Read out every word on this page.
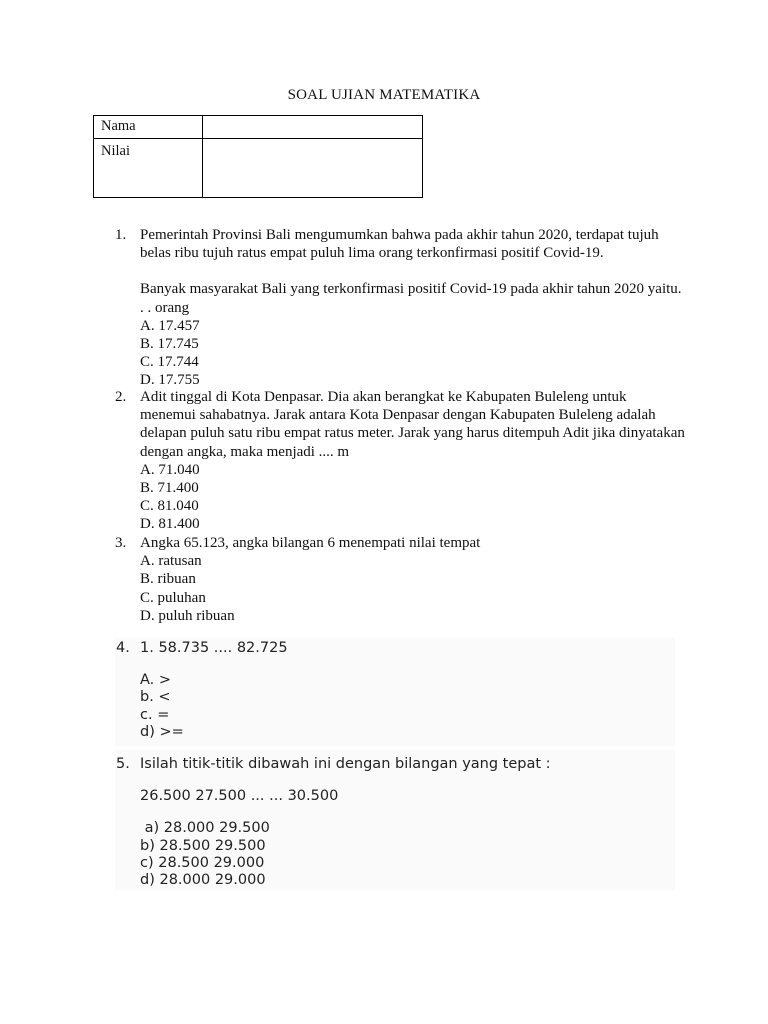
SOAL UJIAN MATEMATIKA
Nama	
Nilai	
1. Pemerintah Provinsi Bali mengumumkan bahwa pada akhir tahun 2020, terdapat tujuh belas ribu tujuh ratus empat puluh lima orang terkonfirmasi positif Covid-19.
Banyak masyarakat Bali yang terkonfirmasi positif Covid-19 pada akhir tahun 2020 yaitu. . . orang
A. 17.457
B. 17.745
C. 17.744
D. 17.755
2. Adit tinggal di Kota Denpasar. Dia akan berangkat ke Kabupaten Buleleng untuk menemui sahabatnya. Jarak antara Kota Denpasar dengan Kabupaten Buleleng adalah delapan puluh satu ribu empat ratus meter. Jarak yang harus ditempuh Adit jika dinyatakan dengan angka, maka menjadi .... m
A. 71.040
B. 71.400
C. 81.040
D. 81.400
3. Angka 65.123, angka bilangan 6 menempati nilai tempat
A. ratusan
B. ribuan
C. puluhan
D. puluh ribuan
4. 1. 58.735 .... 82.725
A. >
b. <
c. =
d) >=
5. Isilah titik-titik dibawah ini dengan bilangan yang tepat :
26.500 27.500 ... ... 30.500
a) 28.000 29.500
b) 28.500 29.500
c) 28.500 29.000
d) 28.000 29.000
